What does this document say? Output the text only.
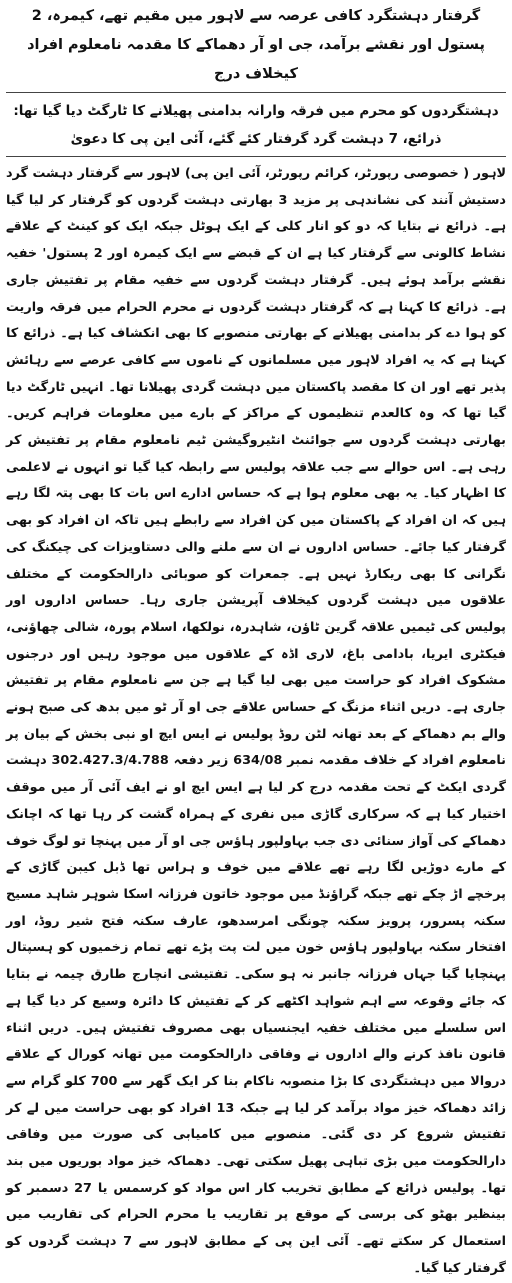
گرفتار دہشتگرد کافی عرصہ سے لاہور میں مقیم تھے، کیمرہ، 2 پستول اور نقشے برآمد، جی او آر دھماکے کا مقدمہ نامعلوم افراد کیخلاف درج
دہشتگردوں کو محرم میں فرقہ وارانہ بدامنی پھیلانے کا ٹارگٹ دیا گیا تھا: ذرائع، 7 دہشت گرد گرفتار کئے گئے، آئی این پی کا دعویٰ

لاہور ( خصوصی رپورٹر، کرائم رپورٹر، آئی این پی) لاہور سے گرفتار دہشت گرد دستیش آنند کی نشاندہی پر مزید 3 بھارتی دہشت گردوں کو گرفتار کر لیا گیا ہے۔ ذرائع نے بتایا کہ دو کو انار کلی کے ایک ہوٹل جبکہ ایک کو کینٹ کے علاقے نشاط کالونی سے گرفتار کیا ہے ان کے قبضے سے ایک کیمرہ اور 2 پستول' خفیہ نقشے برآمد ہوئے ہیں۔ گرفتار دہشت گردوں سے خفیہ مقام پر تفتیش جاری ہے۔ ذرائع کا کہنا ہے کہ گرفتار دہشت گردوں نے محرم الحرام میں فرقہ واریت کو ہوا دے کر بدامنی پھیلانے کے بھارتی منصوبے کا بھی انکشاف کیا ہے۔ ذرائع کا کہنا ہے کہ یہ افراد لاہور میں مسلمانوں کے ناموں سے کافی عرصے سے رہائش پذیر تھے اور ان کا مقصد پاکستان میں دہشت گردی پھیلانا تھا۔ انہیں ٹارگٹ دیا گیا تھا کہ وہ کالعدم تنظیموں کے مراکز کے بارے میں معلومات فراہم کریں۔ بھارتی دہشت گردوں سے جوائنٹ انٹیروگیشن ٹیم نامعلوم مقام پر تفتیش کر رہی ہے۔ اس حوالے سے جب علاقہ پولیس سے رابطہ کیا گیا تو انہوں نے لاعلمی کا اظہار کیا۔ یہ بھی معلوم ہوا ہے کہ حساس ادارے اس بات کا بھی پتہ لگا رہے ہیں کہ ان افراد کے پاکستان میں کن افراد سے رابطے ہیں تاکہ ان افراد کو بھی گرفتار کیا جائے۔ حساس اداروں نے ان سے ملنے والی دستاویزات کی چیکنگ کی نگرانی کا بھی ریکارڈ نہیں ہے۔ جمعرات کو صوبائی دارالحکومت کے مختلف علاقوں میں دہشت گردوں کیخلاف آپریشن جاری رہا۔ حساس اداروں اور پولیس کی ٹیمیں علاقہ گرین ٹاؤن، شاہدرہ، نولکھا، اسلام پورہ، شالی چھاؤنی، فیکٹری ایریا، بادامی باغ، لاری اڈہ کے علاقوں میں موجود رہیں اور درجنوں مشکوک افراد کو حراست میں بھی لیا گیا ہے جن سے نامعلوم مقام پر تفتیش جاری ہے۔ دریں اثناء مزنگ کے حساس علاقے جی او آر ٹو میں بدھ کی صبح ہونے والے بم دھماکے کے بعد تھانہ لٹن روڈ پولیس نے ایس ایچ او نبی بخش کے بیان پر نامعلوم افراد کے خلاف مقدمہ نمبر 634/08 زیر دفعہ 302.427.3/4.788 دہشت گردی ایکٹ کے تحت مقدمہ درج کر لیا ہے ایس ایچ او نے ایف آئی آر میں موقف اختیار کیا ہے کہ سرکاری گاڑی میں نفری کے ہمراہ گشت کر رہا تھا کہ اچانک دھماکے کی آواز سنائی دی جب بہاولپور ہاؤس جی او آر میں پہنچا تو لوگ خوف کے مارے دوڑیں لگا رہے تھے علاقے میں خوف و ہراس تھا ڈبل کیبن گاڑی کے پرخچے اڑ چکے تھے جبکہ گراؤنڈ میں موجود خاتون فرزانہ اسکا شوہر شاہد مسیح سکنہ پسرور، پرویز سکنہ چونگی امرسدھو، عارف سکنہ فتح شیر روڈ، اور افتخار سکنہ بہاولپور ہاؤس خون میں لت پت پڑے تھے تمام زخمیوں کو ہسپتال پہنچایا گیا جہاں فرزانہ جانبر نہ ہو سکی۔ تفتیشی انچارج طارق چیمہ نے بتایا کہ جائے وقوعہ سے اہم شواہد اکٹھے کر کے تفتیش کا دائرہ وسیع کر دیا گیا ہے اس سلسلے میں مختلف خفیہ ایجنسیاں بھی مصروف تفتیش ہیں۔ دریں اثناء قانون نافذ کرنے والے اداروں نے وفاقی دارالحکومت میں تھانہ کورال کے علاقے دروالا میں دہشتگردی کا بڑا منصوبہ ناکام بنا کر ایک گھر سے 700 کلو گرام سے زائد دھماکہ خیز مواد برآمد کر لیا ہے جبکہ 13 افراد کو بھی حراست میں لے کر تفتیش شروع کر دی گئی۔ منصوبے میں کامیابی کی صورت میں وفاقی دارالحکومت میں بڑی تباہی پھیل سکتی تھی۔ دھماکہ خیز مواد بوریوں میں بند تھا۔ پولیس ذرائع کے مطابق تخریب کار اس مواد کو کرسمس یا 27 دسمبر کو بینظیر بھٹو کی برسی کے موقع پر تقاریب یا محرم الحرام کی تقاریب میں استعمال کر سکتے تھے۔ آئی این پی کے مطابق لاہور سے 7 دہشت گردوں کو گرفتار کیا گیا۔
